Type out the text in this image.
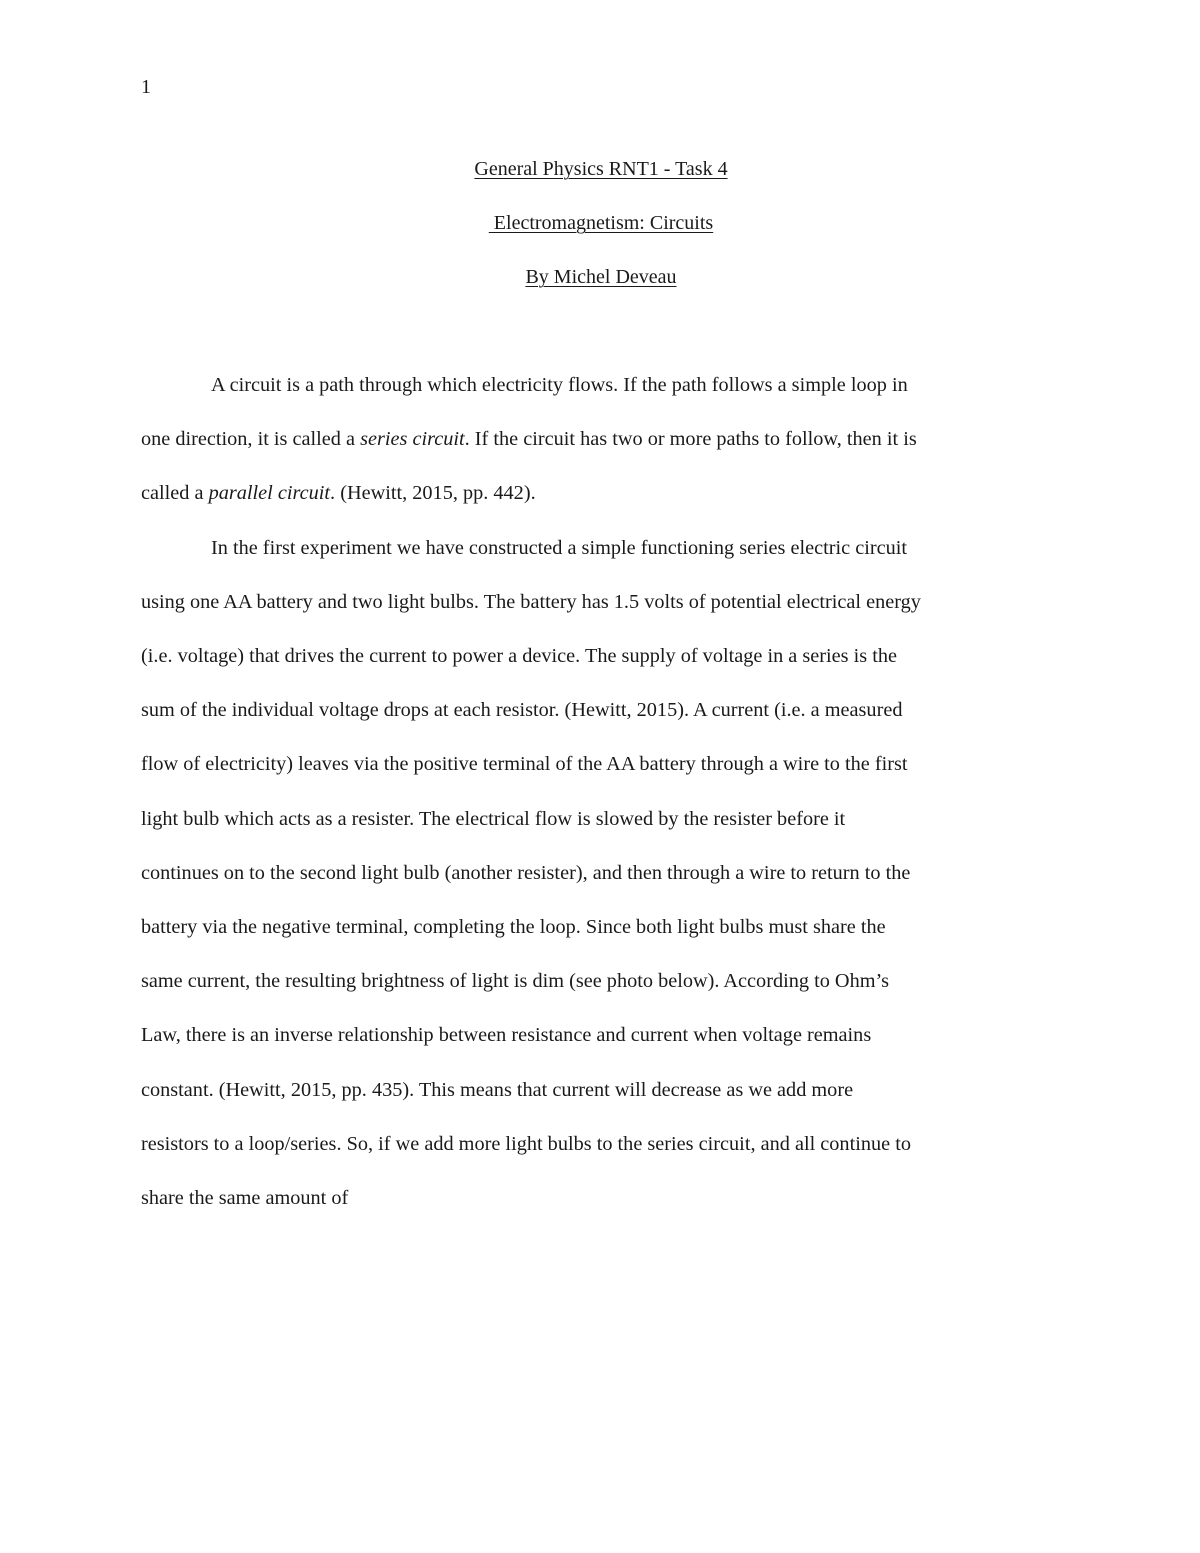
1

General Physics RNT1 - Task 4

Electromagnetism: Circuits

By Michel Deveau

A circuit is a path through which electricity flows. If the path follows a simple loop in
one direction, it is called a series circuit. If the circuit has two or more paths to follow, then it is
called a parallel circuit. (Hewitt, 2015, pp. 442).

In the first experiment we have constructed a simple functioning series electric circuit
using one AA battery and two light bulbs. The battery has 1.5 volts of potential electrical energy
(i.e. voltage) that drives the current to power a device. The supply of voltage in a series is the
sum of the individual voltage drops at each resistor. (Hewitt, 2015). A current (i.e. a measured
flow of electricity) leaves via the positive terminal of the AA battery through a wire to the first
light bulb which acts as a resister. The electrical flow is slowed by the resister before it
continues on to the second light bulb (another resister), and then through a wire to return to the
battery via the negative terminal, completing the loop. Since both light bulbs must share the
same current, the resulting brightness of light is dim (see photo below). According to Ohm’s
Law, there is an inverse relationship between resistance and current when voltage remains
constant. (Hewitt, 2015, pp. 435). This means that current will decrease as we add more
resistors to a loop/series. So, if we add more light bulbs to the series circuit, and all continue to
share the same amount of
